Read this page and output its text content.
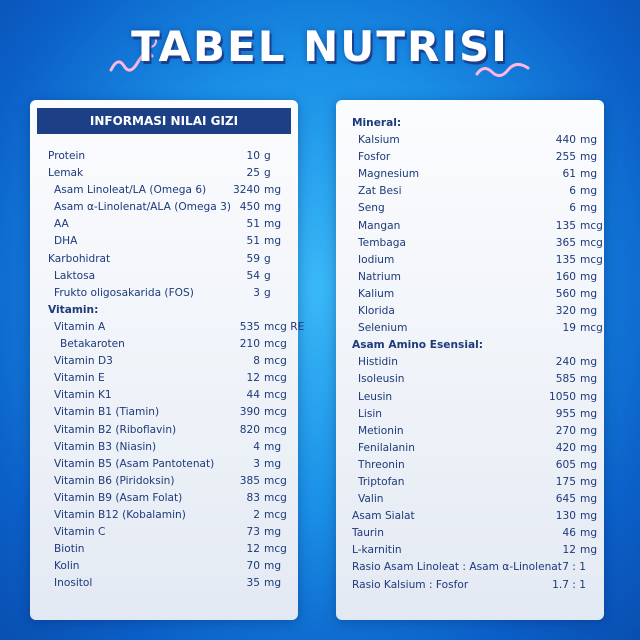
TABEL NUTRISI
INFORMASI NILAI GIZI
Protein	10 g
Lemak	25 g
Asam Linoleat/LA (Omega 6)	3240 mg
Asam α-Linolenat/ALA (Omega 3) 450 mg
AA	51 mg
DHA	51 mg
Karbohidrat	59 g
Laktosa	54 g
Frukto oligosakarida (FOS)	3 g
Vitamin:
Vitamin A	535 mcg RE
Betakaroten	210 mcg
Vitamin D3	8 mcg
Vitamin E	12 mcg
Vitamin K1	44 mcg
Vitamin B1 (Tiamin)	390 mcg
Vitamin B2 (Riboflavin)	820 mcg
Vitamin B3 (Niasin)	4 mg
Vitamin B5 (Asam Pantotenat)	3 mg
Vitamin B6 (Piridoksin)	385 mcg
Vitamin B9 (Asam Folat)	83 mcg
Vitamin B12 (Kobalamin)	2 mcg
Vitamin C	73 mg
Biotin	12 mcg
Kolin	70 mg
Inositol	35 mg
Mineral:
Kalsium	440 mg
Fosfor	255 mg
Magnesium	61 mg
Zat Besi	6 mg
Seng	6 mg
Mangan	135 mcg
Tembaga	365 mcg
Iodium	135 mcg
Natrium	160 mg
Kalium	560 mg
Klorida	320 mg
Selenium	19 mcg
Asam Amino Esensial:
Histidin	240 mg
Isoleusin	585 mg
Leusin	1050 mg
Lisin	955 mg
Metionin	270 mg
Fenilalanin	420 mg
Threonin	605 mg
Triptofan	175 mg
Valin	645 mg
Asam Sialat	130 mg
Taurin	46 mg
L-karnitin	12 mg
Rasio Asam Linoleat : Asam α-Linolenat 7 : 1
Rasio Kalsium : Fosfor	1.7 : 1
